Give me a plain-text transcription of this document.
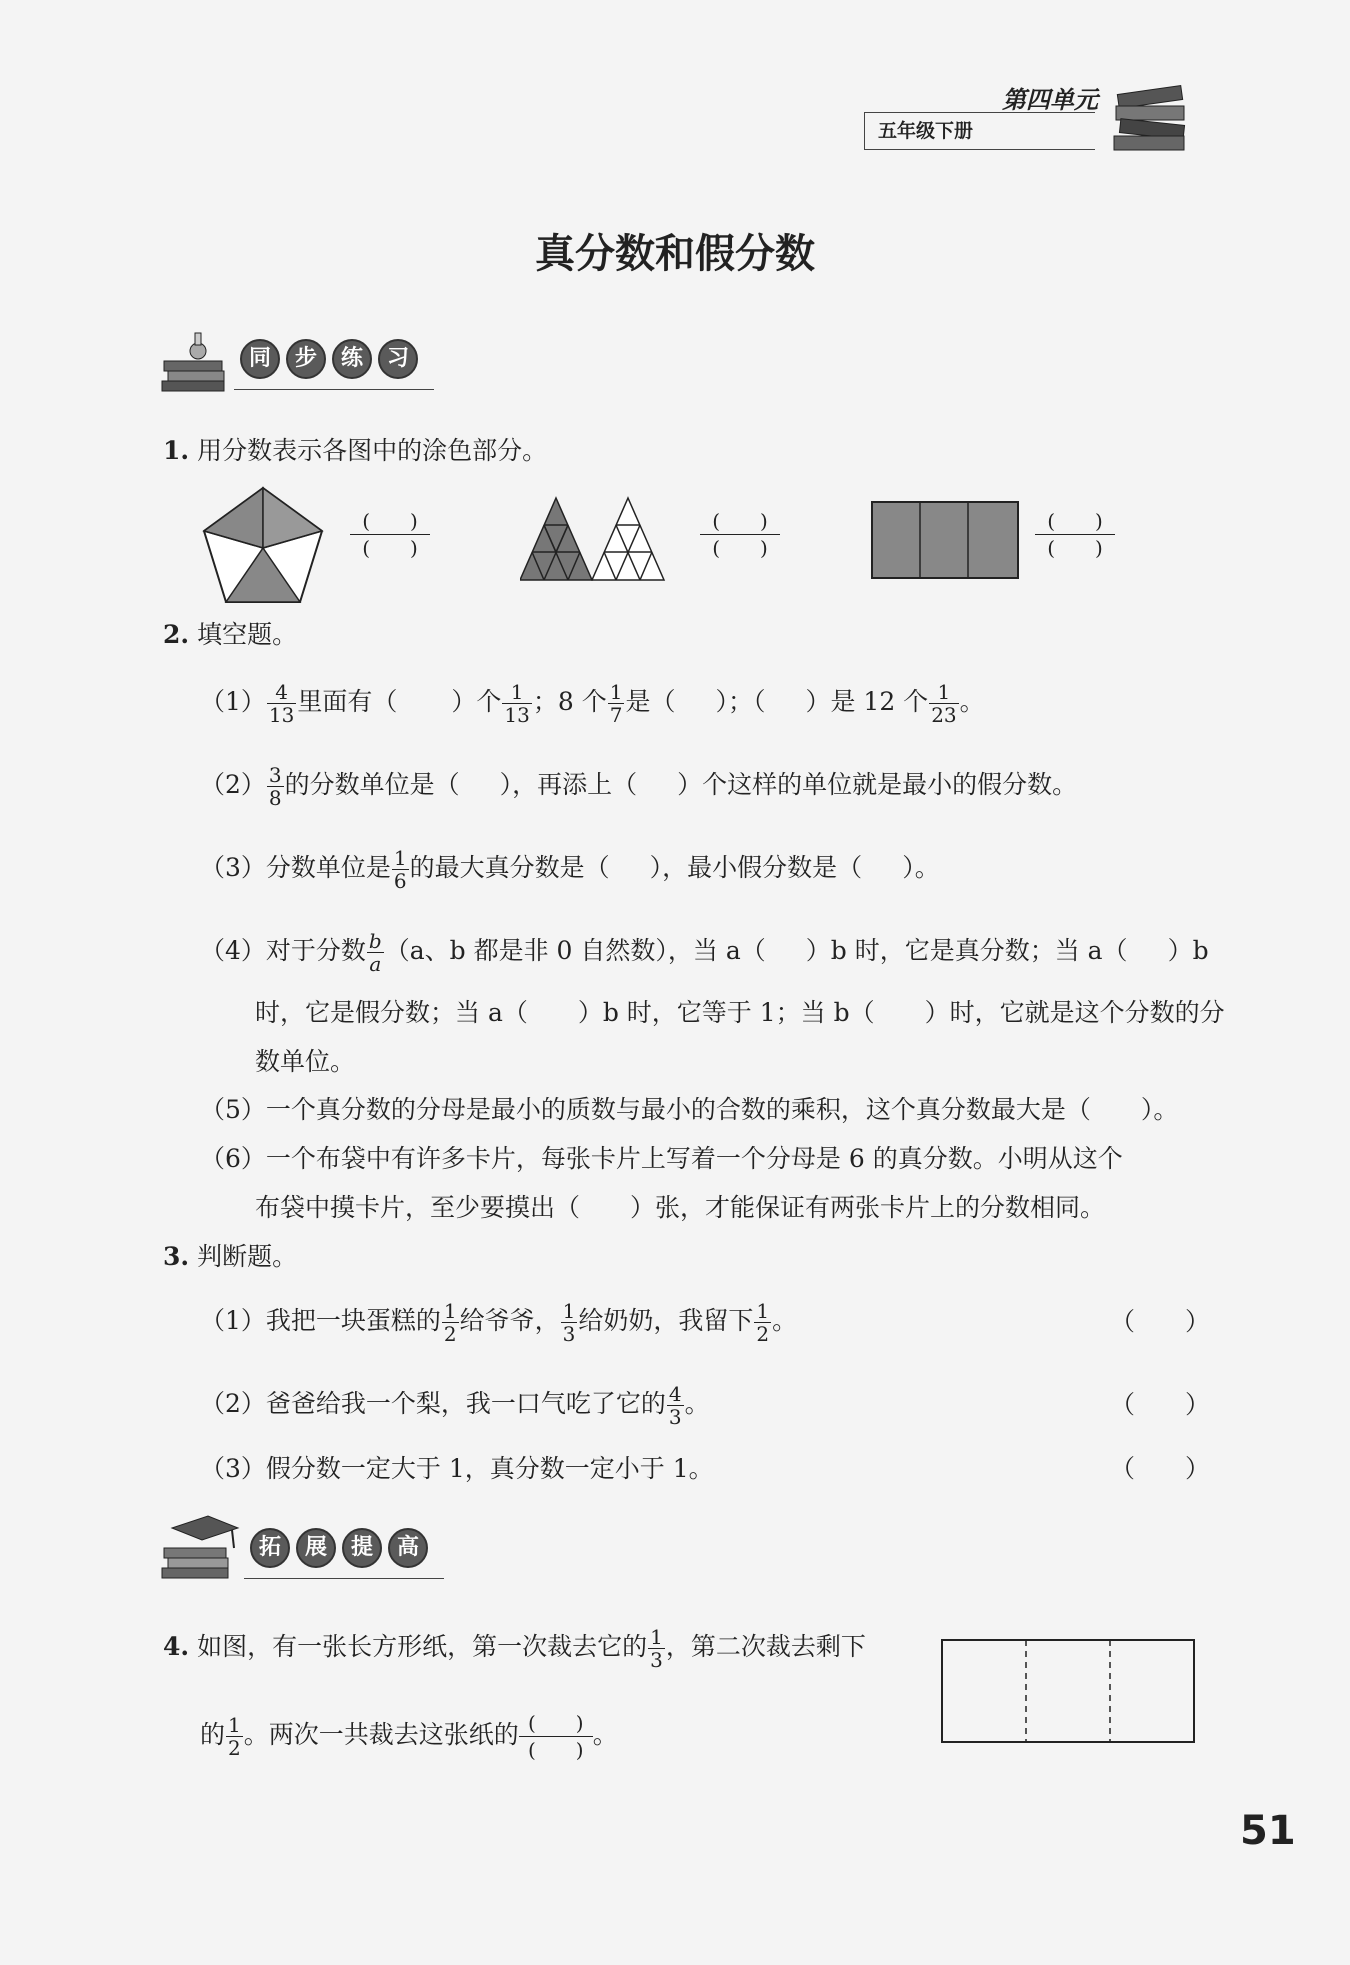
五年级下册
第四单元
真分数和假分数
同	步	练	习
1. 用分数表示各图中的涂色部分。
(   )
(   )
(   )
(   )
(   )
(   )
2. 填空题。
$(1) \frac{4}{13}$ 里面有（ ）个 $\frac{1}{13}$ ；8 个 $\frac{1}{7}$ 是（ ）；（ ）是 12 个 $\frac{1}{23}$ 。
$(2) \frac{3}{8}$ 的分数单位是（ ），再添上（ ）个这样的单位就是最小的假分数。
（3）分数单位是 $\frac{1}{6}$ 的最大真分数是（ ），最小假分数是（ ）。
（4）对于分数 $\frac{b}{a} (a$、b 都是非 0 自然数），当 a（ ）b 时，它是真分数；当 a（ ）b
时，它是假分数；当 a（　　）b 时，它等于 1；当 b（　　）时，它就是这个分数的分
数单位。
（5）一个真分数的分母是最小的质数与最小的合数的乘积，这个真分数最大是（　　）。
（6）一个布袋中有许多卡片，每张卡片上写着一个分母是 6 的真分数。小明从这个
布袋中摸卡片，至少要摸出（　　）张，才能保证有两张卡片上的分数相同。
3. 判断题。
（1）我把一块蛋糕的 $\frac{1}{2}$ 给爷爷， $\frac{1}{3}$ 给奶奶，我留下 $\frac{1}{2}$ 。	（　　）
（2）爸爸给我一个梨，我一口气吃了它的 $\frac{4}{3}$ 。	（　　）
（3）假分数一定大于 1，真分数一定小于 1。	（　　）
拓	展	提	高
4. 如图，有一张长方形纸，第一次裁去它的 $\frac{1}{3}$ ，第二次裁去剩下
的 $\frac{1}{2}$ 。两次一共裁去这张纸的 (   )
(   )
。
51
